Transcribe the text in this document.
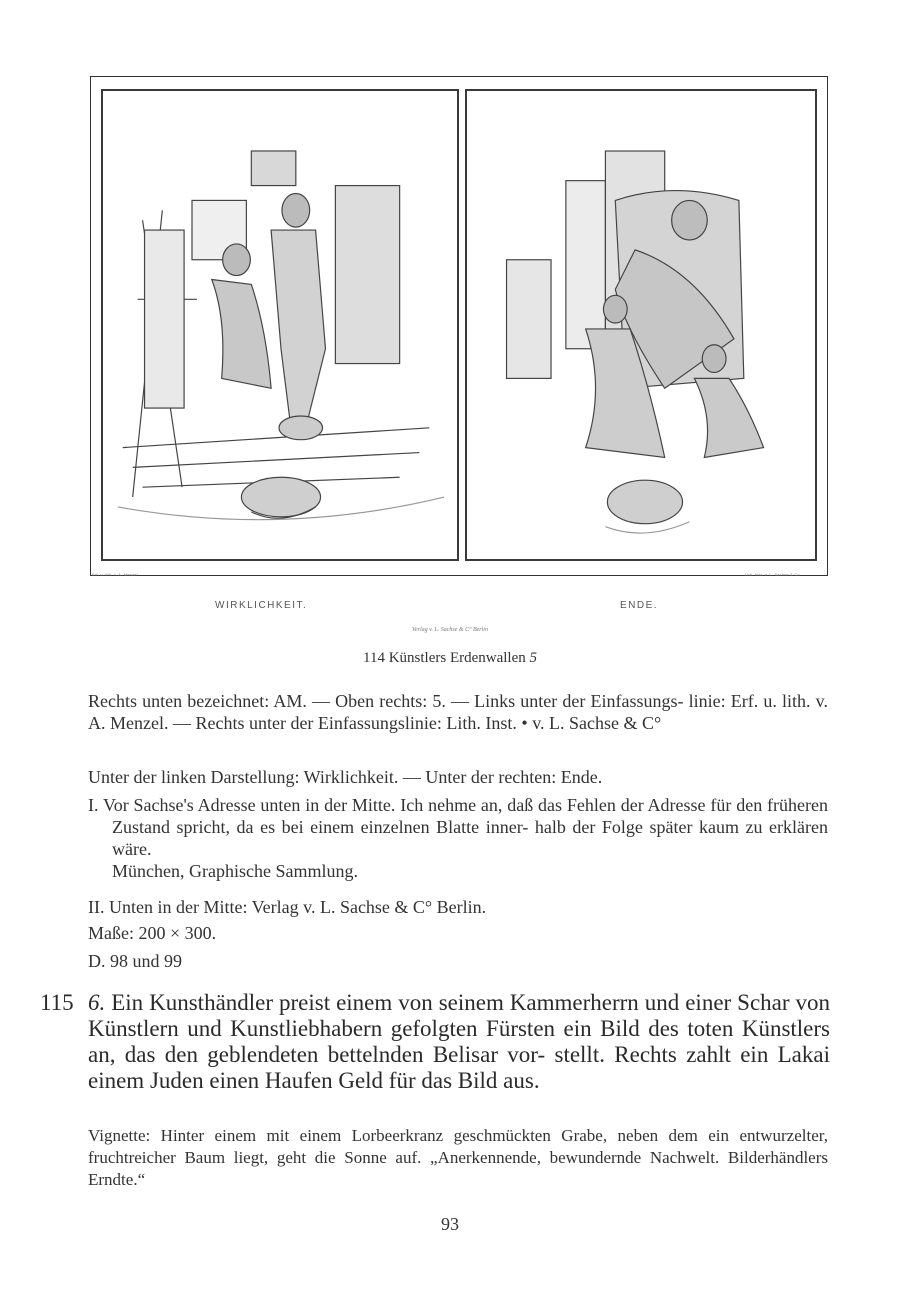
Erf. u. lith. v. A. Menzel	Lith. Inst. v. L. Sachse & Co.
WIRKLICHKEIT.	ENDE.
Verlag v. L. Sachse & C° Berlin
114 Künstlers Erdenwallen 5

Rechts unten bezeichnet: AM. — Oben rechts: 5. — Links unter der Einfassungs- linie: Erf. u. lith. v. A. Menzel. — Rechts unter der Einfassungslinie: Lith. Inst. • v. L. Sachse & C°

Unter der linken Darstellung: Wirklichkeit. — Unter der rechten: Ende.

I. Vor Sachse's Adresse unten in der Mitte. Ich nehme an, daß das Fehlen der Adresse für den früheren Zustand spricht, da es bei einem einzelnen Blatte inner- halb der Folge später kaum zu erklären wäre.

München, Graphische Sammlung.

II. Unten in der Mitte: Verlag v. L. Sachse & C° Berlin.

Maße: 200 × 300.

D. 98 und 99

115 6. Ein Kunsthändler preist einem von seinem Kammerherrn und einer Schar von Künstlern und Kunstliebhabern gefolgten Fürsten ein Bild des toten Künstlers an, das den geblendeten bettelnden Belisar vor- stellt. Rechts zahlt ein Lakai einem Juden einen Haufen Geld für das Bild aus.
Vignette: Hinter einem mit einem Lorbeerkranz geschmückten Grabe, neben dem ein entwurzelter, fruchtreicher Baum liegt, geht die Sonne auf. „Anerkennende, bewundernde Nachwelt. Bilderhändlers Erndte.“
93
